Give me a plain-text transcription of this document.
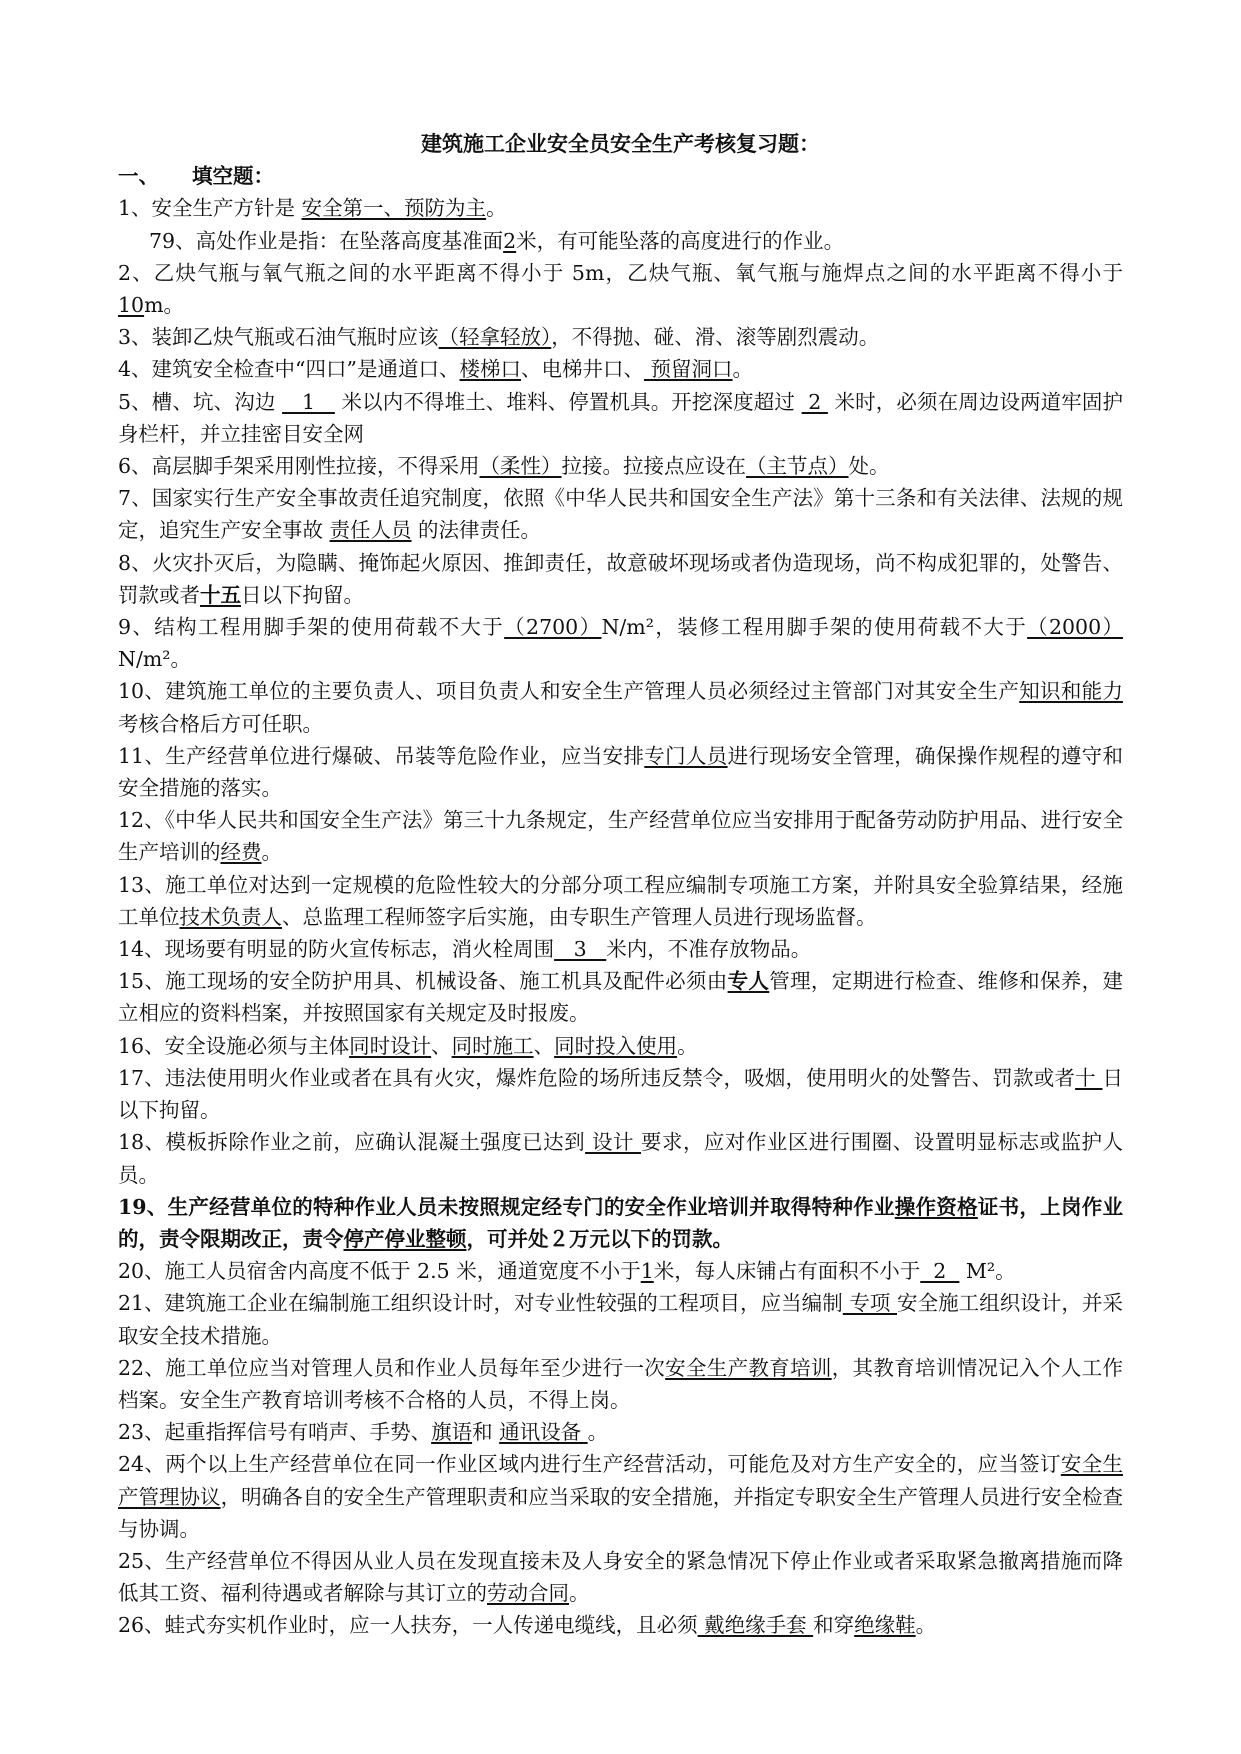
建筑施工企业安全员安全生产考核复习题：
一、 填空题：
1、安全生产方针是 安全第一、预防为主。
79、高处作业是指：在坠落高度基准面2米，有可能坠落的高度进行的作业。
2、乙炔气瓶与氧气瓶之间的水平距离不得小于 5m，乙炔气瓶、氧气瓶与施焊点之间的水平距离不得小于 10m。
3、装卸乙炔气瓶或石油气瓶时应该（轻拿轻放），不得抛、碰、滑、滚等剧烈震动。
4、建筑安全检查中“四口”是通道口、楼梯口、电梯井口、 预留洞口。
5、槽、坑、沟边    1    米以内不得堆土、堆料、停置机具。开挖深度超过  2  米时，必须在周边设两道牢固护身栏杆，并立挂密目安全网
6、高层脚手架采用刚性拉接，不得采用（柔性）拉接。拉接点应设在（主节点）处。
7、国家实行生产安全事故责任追究制度，依照《中华人民共和国安全生产法》第十三条和有关法律、法规的规定，追究生产安全事故 责任人员 的法律责任。
8、火灾扑灭后，为隐瞒、掩饰起火原因、推卸责任，故意破坏现场或者伪造现场，尚不构成犯罪的，处警告、罚款或者十五日以下拘留。
9、结构工程用脚手架的使用荷载不大于（2700）N/m²，装修工程用脚手架的使用荷载不大于（2000） N/m²。
10、建筑施工单位的主要负责人、项目负责人和安全生产管理人员必须经过主管部门对其安全生产知识和能力考核合格后方可任职。
11、生产经营单位进行爆破、吊装等危险作业，应当安排专门人员进行现场安全管理，确保操作规程的遵守和安全措施的落实。
12、《中华人民共和国安全生产法》第三十九条规定，生产经营单位应当安排用于配备劳动防护用品、进行安全生产培训的经费。
13、施工单位对达到一定规模的危险性较大的分部分项工程应编制专项施工方案，并附具安全验算结果，经施工单位技术负责人、总监理工程师签字后实施，由专职生产管理人员进行现场监督。
14、现场要有明显的防火宣传标志，消火栓周围   3   米内，不准存放物品。
15、施工现场的安全防护用具、机械设备、施工机具及配件必须由专人管理，定期进行检查、维修和保养，建立相应的资料档案，并按照国家有关规定及时报废。
16、安全设施必须与主体同时设计、同时施工、同时投入使用。
17、违法使用明火作业或者在具有火灾，爆炸危险的场所违反禁令，吸烟，使用明火的处警告、罚款或者十 日以下拘留。
18、模板拆除作业之前，应确认混凝土强度已达到 设计 要求，应对作业区进行围圈、设置明显标志或监护人员。
19、生产经营单位的特种作业人员未按照规定经专门的安全作业培训并取得特种作业操作资格证书，上岗作业的，责令限期改正，责令停产停业整顿，可并处２万元以下的罚款。
20、施工人员宿舍内高度不低于 2.5 米，通道宽度不小于1米，每人床铺占有面积不小于  2   M²。
21、建筑施工企业在编制施工组织设计时，对专业性较强的工程项目，应当编制 专项 安全施工组织设计，并采取安全技术措施。
22、施工单位应当对管理人员和作业人员每年至少进行一次安全生产教育培训，其教育培训情况记入个人工作档案。安全生产教育培训考核不合格的人员，不得上岗。
23、起重指挥信号有哨声、手势、旗语和 通讯设备 。
24、两个以上生产经营单位在同一作业区域内进行生产经营活动，可能危及对方生产安全的，应当签订安全生产管理协议，明确各自的安全生产管理职责和应当采取的安全措施，并指定专职安全生产管理人员进行安全检查与协调。
25、生产经营单位不得因从业人员在发现直接未及人身安全的紧急情况下停止作业或者采取紧急撤离措施而降低其工资、福利待遇或者解除与其订立的劳动合同。
26、蛙式夯实机作业时，应一人扶夯，一人传递电缆线，且必须 戴绝缘手套 和穿绝缘鞋。
